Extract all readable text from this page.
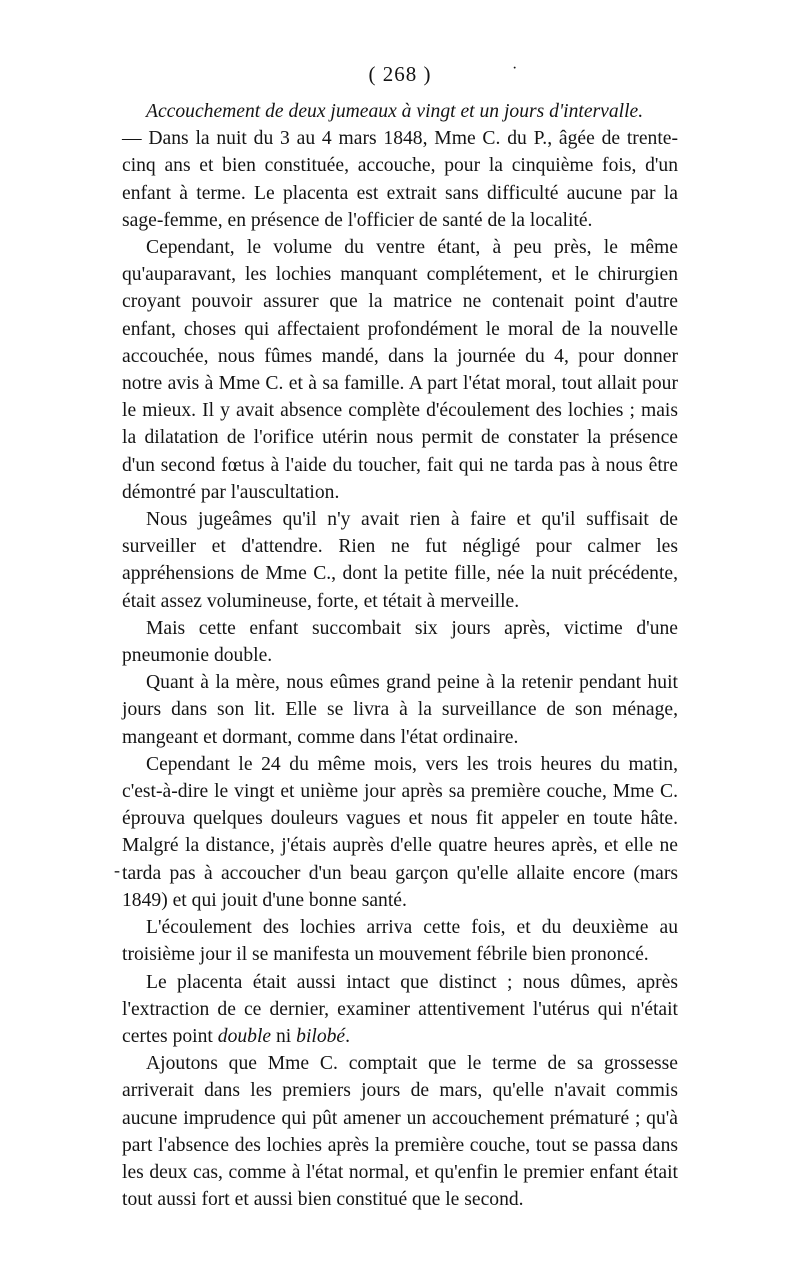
( 268 )	·
-

Accouchement de deux jumeaux à vingt et un jours d'intervalle.

— Dans la nuit du 3 au 4 mars 1848, Mme C. du P., âgée de trente-cinq ans et bien constituée, accouche, pour la cinquième fois, d'un enfant à terme. Le placenta est extrait sans difficulté aucune par la sage-femme, en présence de l'officier de santé de la localité.

Cependant, le volume du ventre étant, à peu près, le même qu'auparavant, les lochies manquant complétement, et le chirurgien croyant pouvoir assurer que la matrice ne contenait point d'autre enfant, choses qui affectaient profondément le moral de la nouvelle accouchée, nous fûmes mandé, dans la journée du 4, pour donner notre avis à Mme C. et à sa famille. A part l'état moral, tout allait pour le mieux. Il y avait absence complète d'écoulement des lochies ; mais la dilatation de l'orifice utérin nous permit de constater la présence d'un second fœtus à l'aide du toucher, fait qui ne tarda pas à nous être démontré par l'auscultation.

Nous jugeâmes qu'il n'y avait rien à faire et qu'il suffisait de surveiller et d'attendre. Rien ne fut négligé pour calmer les appréhensions de Mme C., dont la petite fille, née la nuit précédente, était assez volumineuse, forte, et tétait à merveille.

Mais cette enfant succombait six jours après, victime d'une pneumonie double.

Quant à la mère, nous eûmes grand peine à la retenir pendant huit jours dans son lit. Elle se livra à la surveillance de son ménage, mangeant et dormant, comme dans l'état ordinaire.

Cependant le 24 du même mois, vers les trois heures du matin, c'est-à-dire le vingt et unième jour après sa première couche, Mme C. éprouva quelques douleurs vagues et nous fit appeler en toute hâte. Malgré la distance, j'étais auprès d'elle quatre heures après, et elle ne tarda pas à accoucher d'un beau garçon qu'elle allaite encore (mars 1849) et qui jouit d'une bonne santé.

L'écoulement des lochies arriva cette fois, et du deuxième au troisième jour il se manifesta un mouvement fébrile bien prononcé.

Le placenta était aussi intact que distinct ; nous dûmes, après l'extraction de ce dernier, examiner attentivement l'utérus qui n'était certes point double ni bilobé.

Ajoutons que Mme C. comptait que le terme de sa grossesse arriverait dans les premiers jours de mars, qu'elle n'avait commis aucune imprudence qui pût amener un accouchement prématuré ; qu'à part l'absence des lochies après la première couche, tout se passa dans les deux cas, comme à l'état normal, et qu'enfin le premier enfant était tout aussi fort et aussi bien constitué que le second.
